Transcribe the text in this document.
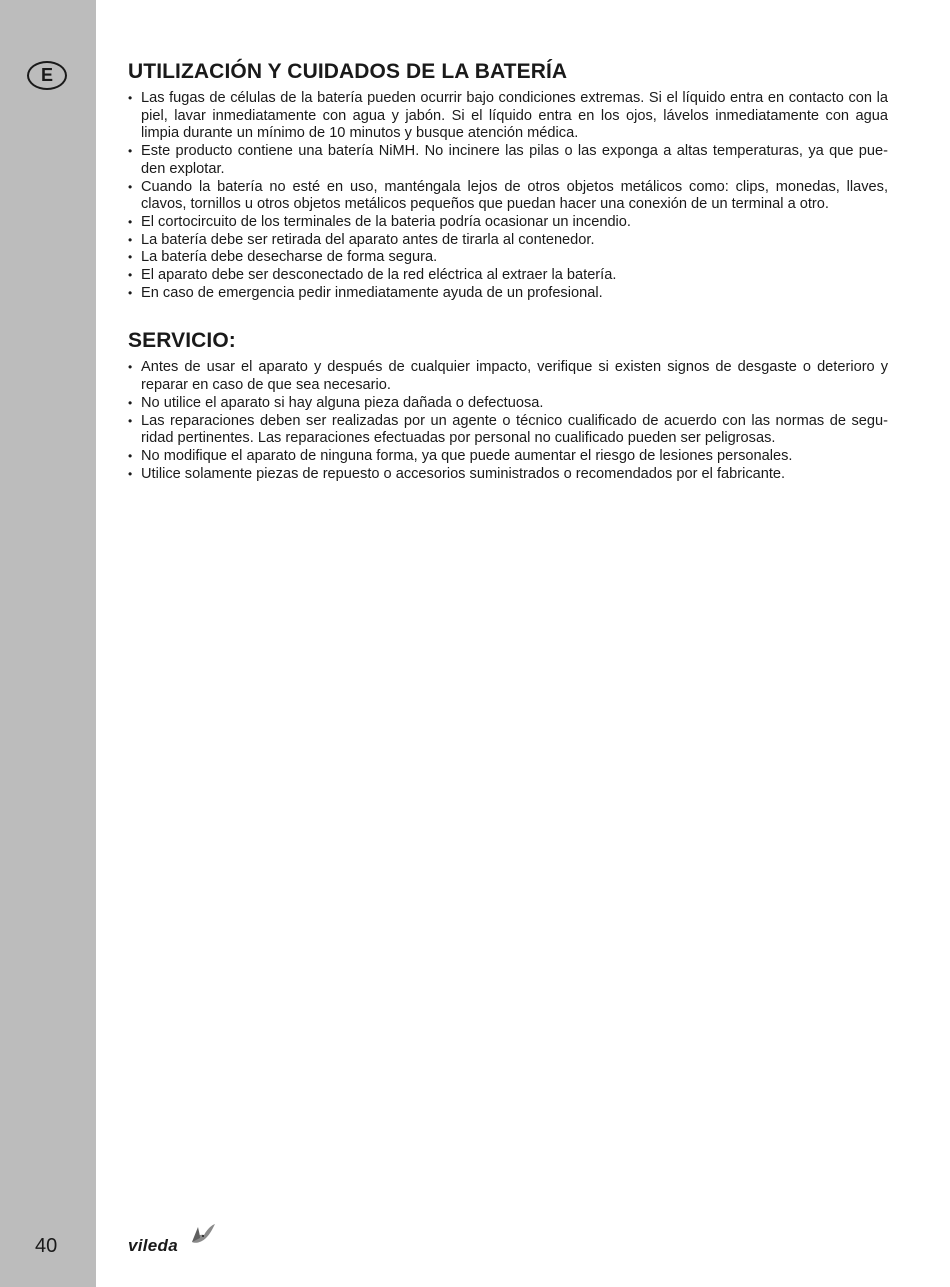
E
40
UTILIZACIÓN Y CUIDADOS DE LA BATERÍA
• Las fugas de células de la batería pueden ocurrir bajo condiciones extremas. Si el líquido entra en contacto con la piel, lavar inmediatamente con agua y jabón. Si el líquido entra en los ojos, lávelos inmediatamente con agua limpia durante un mínimo de 10 minutos y busque atención médica.
• Este producto contiene una batería NiMH. No incinere las pilas o las exponga a altas temperaturas, ya que pue-den explotar.
• Cuando la batería no esté en uso, manténgala lejos de otros objetos metálicos como: clips, monedas, llaves, clavos, tornillos u otros objetos metálicos pequeños que puedan hacer una conexión de un terminal a otro.
• El cortocircuito de los terminales de la bateria podría ocasionar un incendio.
• La batería debe ser retirada del aparato antes de tirarla al contenedor.
• La batería debe desecharse de forma segura.
• El aparato debe ser desconectado de la red eléctrica al extraer la batería.
• En caso de emergencia pedir inmediatamente ayuda de un profesional.
SERVICIO:
• Antes de usar el aparato y después de cualquier impacto, verifique si existen signos de desgaste o deterioro y reparar en caso de que sea necesario.
• No utilice el aparato si hay alguna pieza dañada o defectuosa.
• Las reparaciones deben ser realizadas por un agente o técnico cualificado de acuerdo con las normas de segu-ridad pertinentes. Las reparaciones efectuadas por personal no cualificado pueden ser peligrosas.
• No modifique el aparato de ninguna forma, ya que puede aumentar el riesgo de lesiones personales.
• Utilice solamente piezas de repuesto o accesorios suministrados o recomendados por el fabricante.
vileda
